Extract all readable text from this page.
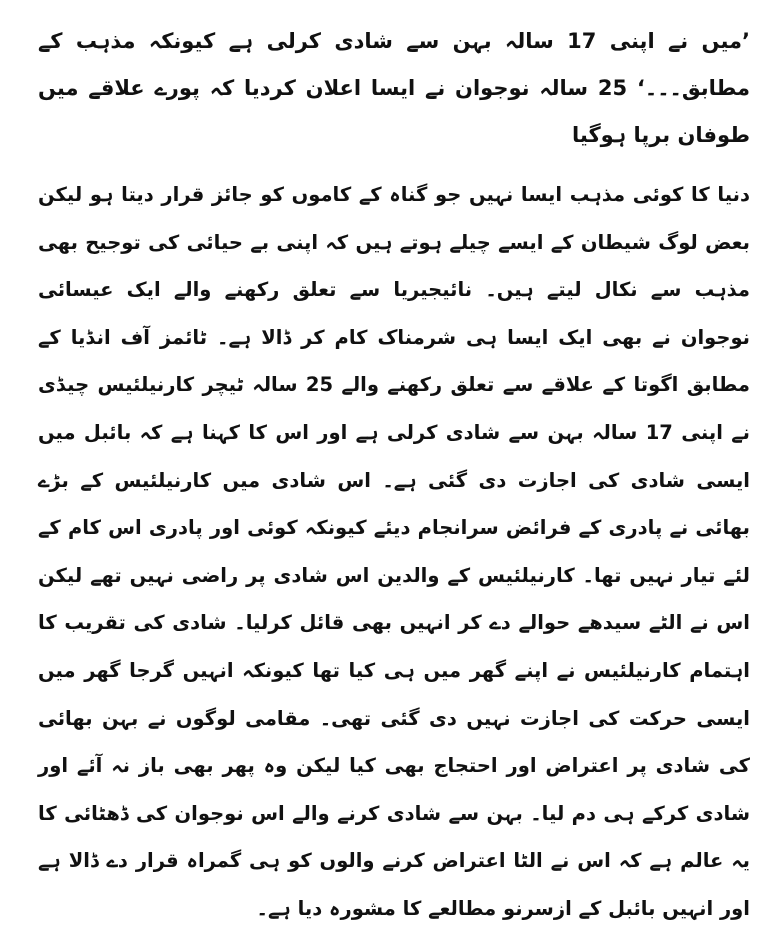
’میں نے اپنی 17 سالہ بہن سے شادی کرلی ہے کیونکہ مذہب کے مطابق۔۔۔‘ 25 سالہ نوجوان نے ایسا اعلان کردیا کہ پورے علاقے میں طوفان برپا ہوگیا

دنیا کا کوئی مذہب ایسا نہیں جو گناہ کے کاموں کو جائز قرار دیتا ہو لیکن بعض لوگ شیطان کے ایسے چیلے ہوتے ہیں کہ اپنی بے حیائی کی توجیح بھی مذہب سے نکال لیتے ہیں۔ نائیجیریا سے تعلق رکھنے والے ایک عیسائی نوجوان نے بھی ایک ایسا ہی شرمناک کام کر ڈالا ہے۔ ٹائمز آف انڈیا کے مطابق اگوتا کے علاقے سے تعلق رکھنے والے 25 سالہ ٹیچر کارنیلئیس چیڈی نے اپنی 17 سالہ بہن سے شادی کرلی ہے اور اس کا کہنا ہے کہ بائبل میں ایسی شادی کی اجازت دی گئی ہے۔ اس شادی میں کارنیلئیس کے بڑے بھائی نے پادری کے فرائض سرانجام دیئے کیونکہ کوئی اور پادری اس کام کے لئے تیار نہیں تھا۔ کارنیلئیس کے والدین اس شادی پر راضی نہیں تھے لیکن اس نے الٹے سیدھے حوالے دے کر انہیں بھی قائل کرلیا۔ شادی کی تقریب کا اہتمام کارنیلئیس نے اپنے گھر میں ہی کیا تھا کیونکہ انہیں گرجا گھر میں ایسی حرکت کی اجازت نہیں دی گئی تھی۔ مقامی لوگوں نے بہن بھائی کی شادی پر اعتراض اور احتجاج بھی کیا لیکن وہ پھر بھی باز نہ آئے اور شادی کرکے ہی دم لیا۔ بہن سے شادی کرنے والے اس نوجوان کی ڈھٹائی کا یہ عالم ہے کہ اس نے الٹا اعتراض کرنے والوں کو ہی گمراہ قرار دے ڈالا ہے اور انہیں بائبل کے ازسرنو مطالعے کا مشورہ دیا ہے۔
